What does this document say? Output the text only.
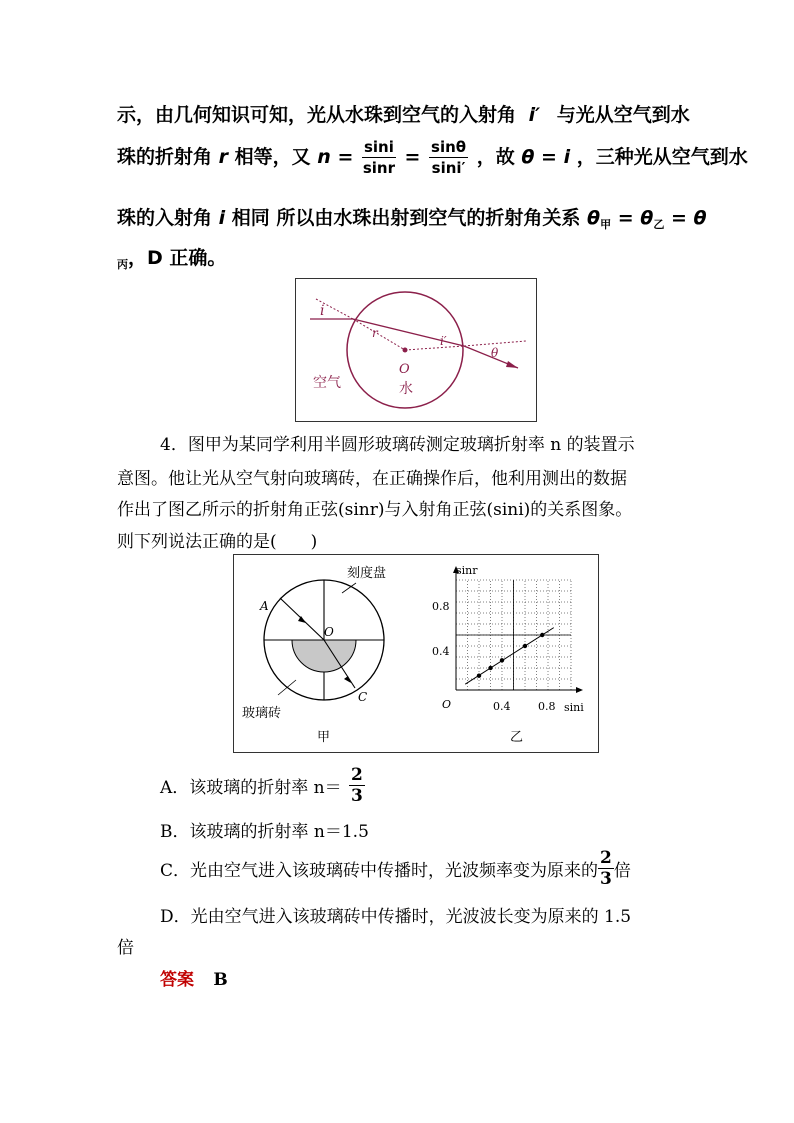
示，由几何知识可知，光从水珠到空气的入射角 i′ 与光从空气到水
珠的折射角 r 相等，又 $n = \frac{\sin i}{\sin r} = \frac{\sin\theta}{\sin i'}$ ，故 θ = i ，三种光从空气到水
珠的入射角 i 相同 所以由水珠出射到空气的折射角关系 $\theta_甲 = \theta_乙 = \theta$
$_丙$，D 正确。
i
r
i′
θ
O
空气	水
4．图甲为某同学利用半圆形玻璃砖测定玻璃折射率 n 的装置示
意图。他让光从空气射向玻璃砖，在正确操作后，他利用测出的数据
作出了图乙所示的折射角正弦(sinr)与入射角正弦(sini)的关系图象。
则下列说法正确的是(　　)
刻度盘
A
O
C
玻璃砖
甲
sinr
sini
O
0.8
0.4
0.4	0.8
乙
A．该玻璃的折射率 $n= \frac{2}{3}$
B．该玻璃的折射率 n＝1.5
C．光由空气进入该玻璃砖中传播时，光波频率变为原来的 $\frac{2}{3}$ 倍
D．光由空气进入该玻璃砖中传播时，光波波长变为原来的 1.5
倍
答案 B
